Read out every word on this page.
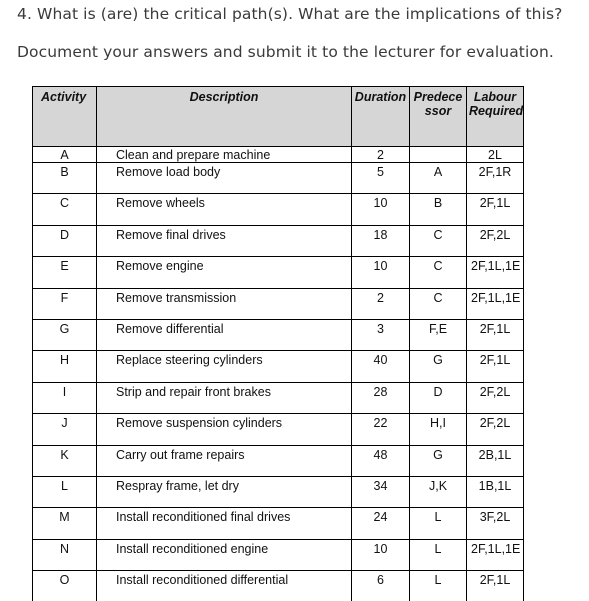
4. What is (are) the critical path(s). What are the implications of this?
Document your answers and submit it to the lecturer for evaluation.
Activity	Description	Duration	Predece ssor	Labour Required
A	Clean and prepare machine	2		2L
B	Remove load body	5	A	2F,1R
C	Remove wheels	10	B	2F,1L
D	Remove final drives	18	C	2F,2L
E	Remove engine	10	C	2F,1L,1E
F	Remove transmission	2	C	2F,1L,1E
G	Remove differential	3	F,E	2F,1L
H	Replace steering cylinders	40	G	2F,1L
I	Strip and repair front brakes	28	D	2F,2L
J	Remove suspension cylinders	22	H,I	2F,2L
K	Carry out frame repairs	48	G	2B,1L
L	Respray frame, let dry	34	J,K	1B,1L
M	Install reconditioned final drives	24	L	3F,2L
N	Install reconditioned engine	10	L	2F,1L,1E
O	Install reconditioned differential	6	L	2F,1L
